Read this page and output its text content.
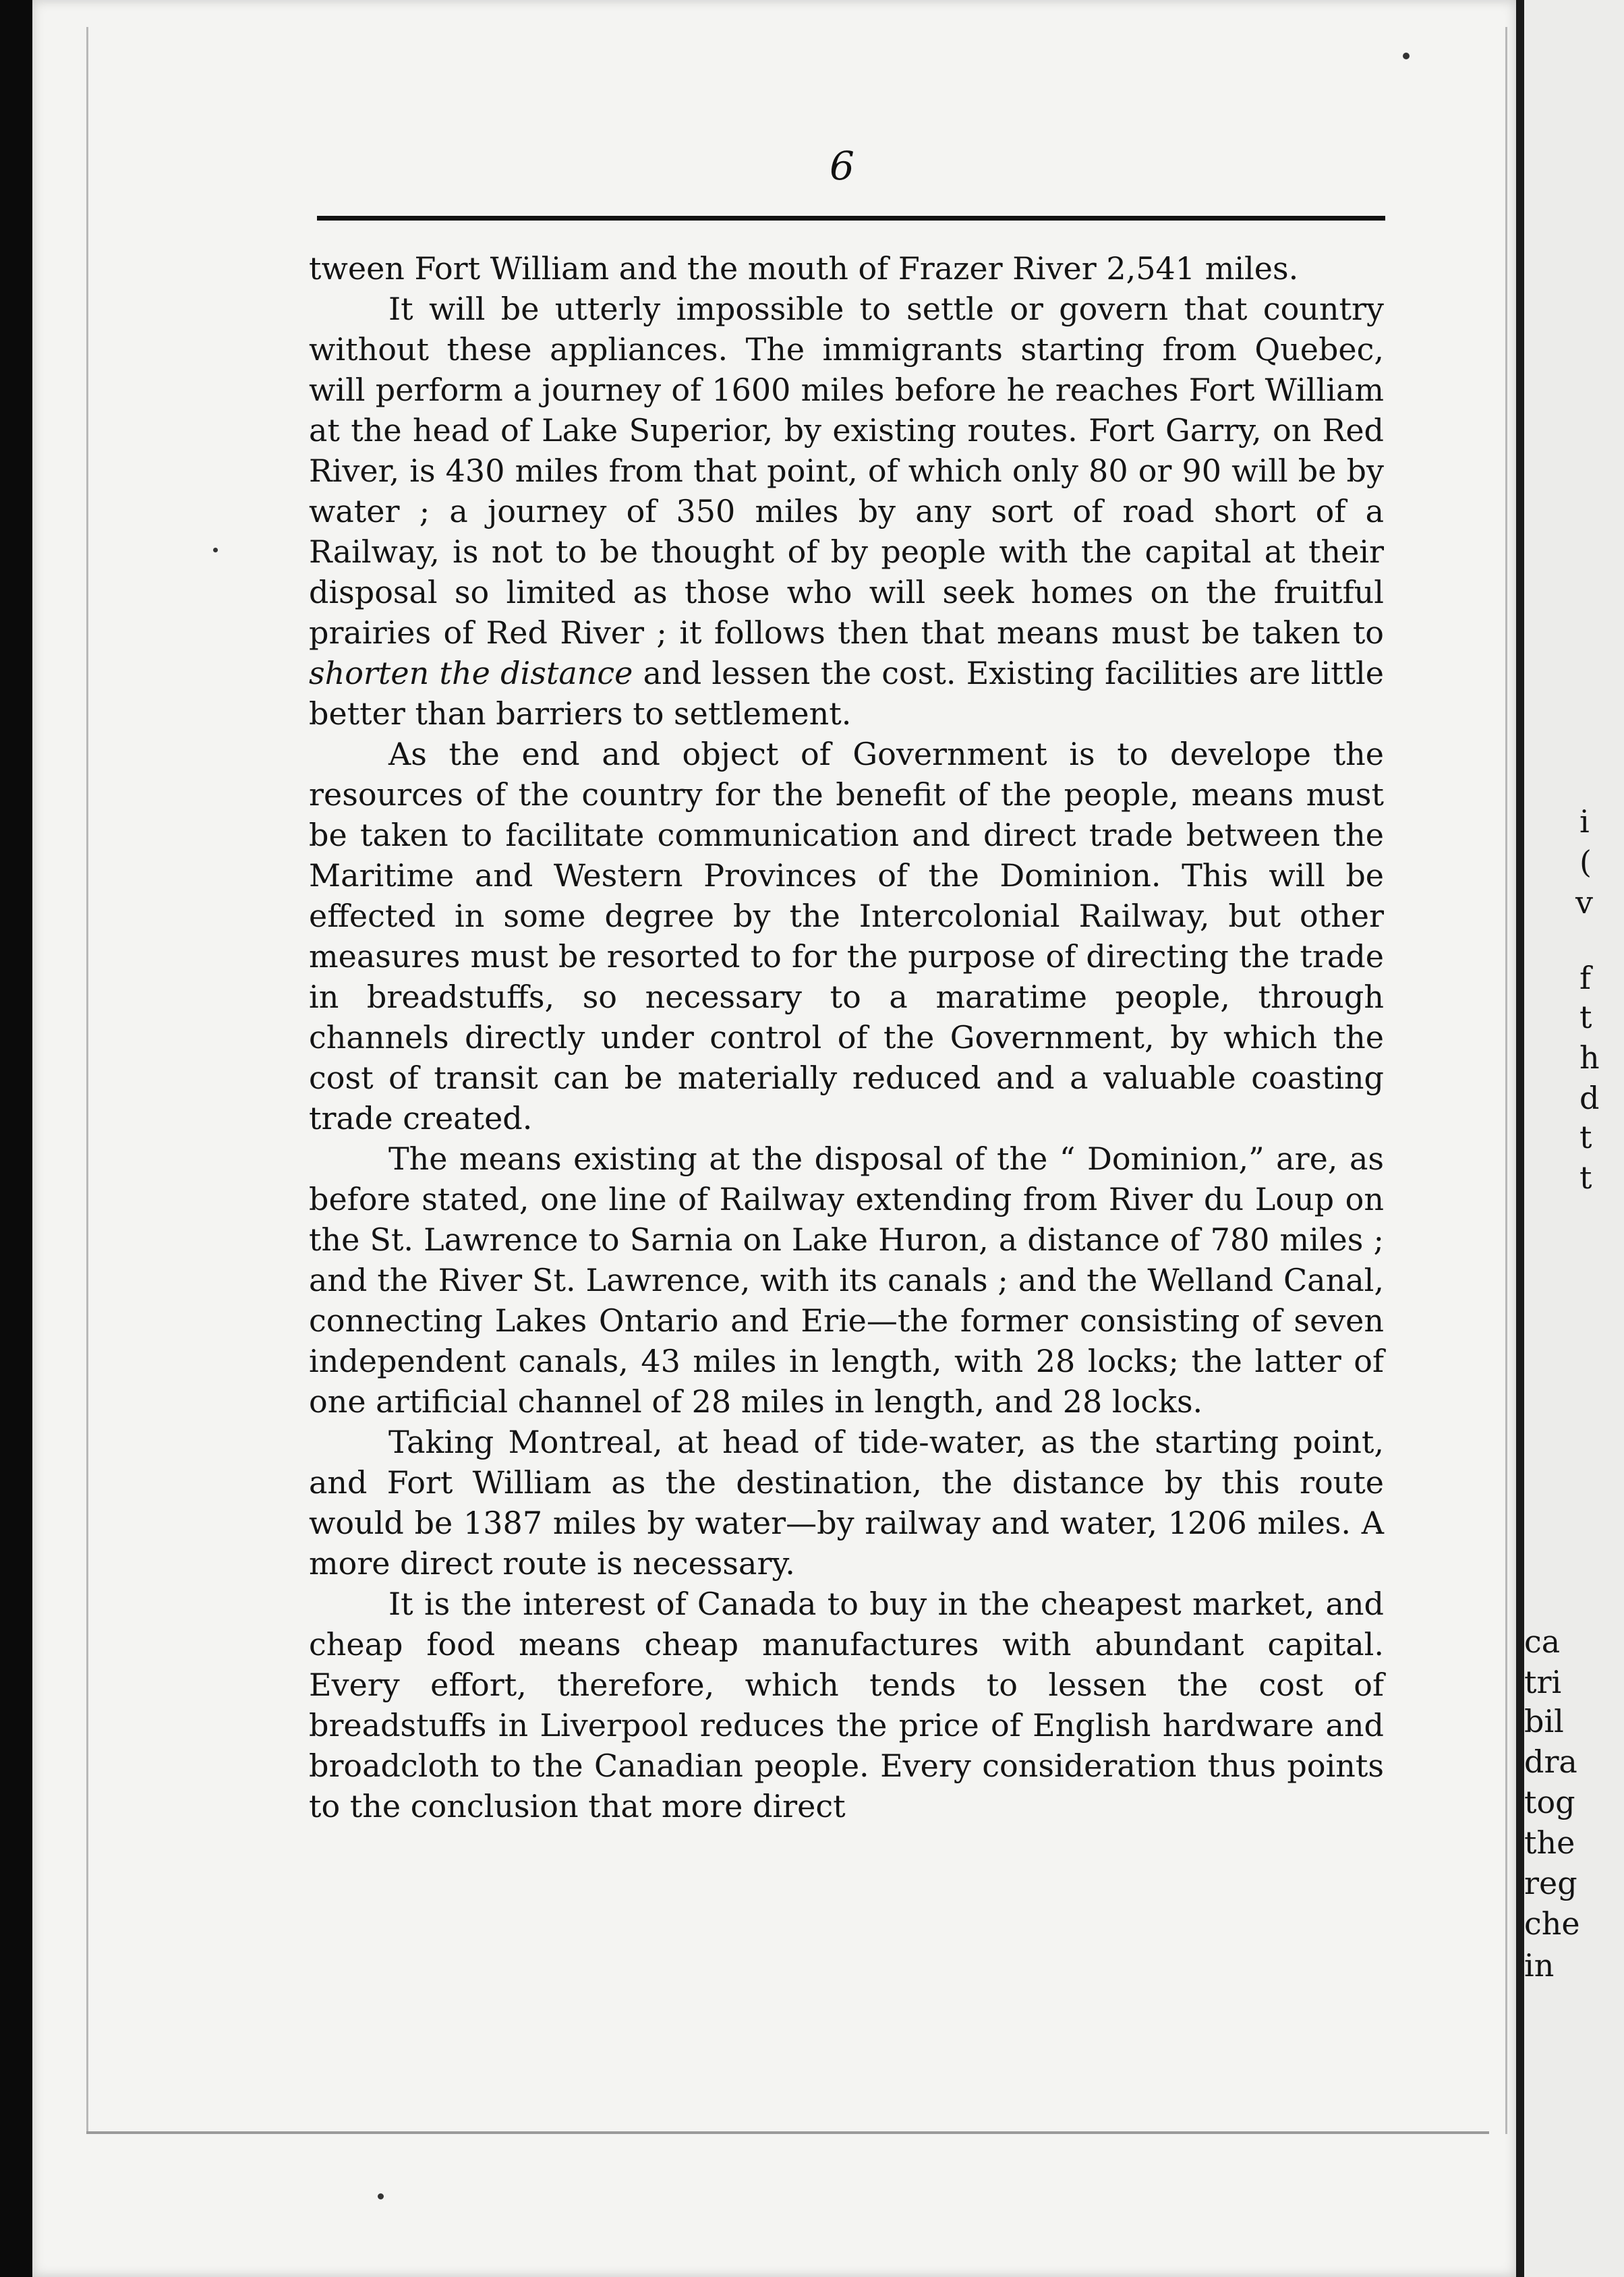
6

tween Fort William and the mouth of Frazer River 2,541 miles.

It will be utterly impossible to settle or govern that country without these appliances. The immigrants starting from Quebec, will perform a journey of 1600 miles before he reaches Fort William at the head of Lake Superior, by existing routes. Fort Garry, on Red River, is 430 miles from that point, of which only 80 or 90 will be by water ; a journey of 350 miles by any sort of road short of a Railway, is not to be thought of by people with the capital at their disposal so limited as those who will seek homes on the fruitful prairies of Red River ; it follows then that means must be taken to shorten the distance and lessen the cost. Existing facilities are little better than barriers to settlement.

As the end and object of Government is to develope the resources of the country for the benefit of the people, means must be taken to facilitate communication and direct trade between the Maritime and Western Provinces of the Dominion. This will be effected in some degree by the Intercolonial Railway, but other measures must be resorted to for the purpose of directing the trade in breadstuffs, so necessary to a maratime people, through channels directly under control of the Government, by which the cost of transit can be materially reduced and a valuable coasting trade created.

The means existing at the disposal of the “ Dominion,” are, as before stated, one line of Railway extending from River du Loup on the St. Lawrence to Sarnia on Lake Huron, a distance of 780 miles ; and the River St. Lawrence, with its canals ; and the Welland Canal, connecting Lakes Ontario and Erie—the former consisting of seven independent canals, 43 miles in length, with 28 locks; the latter of one artificial channel of 28 miles in length, and 28 locks.

Taking Montreal, at head of tide-water, as the starting point, and Fort William as the destination, the distance by this route would be 1387 miles by water—by railway and water, 1206 miles. A more direct route is necessary.

It is the interest of Canada to buy in the cheapest market, and cheap food means cheap manufactures with abundant capital. Every effort, therefore, which tends to lessen the cost of breadstuffs in Liverpool reduces the price of English hardware and broadcloth to the Canadian people. Every consideration thus points to the conclusion that more direct

i
(
v
f
t
h
d
t
t
ca
tri
bil
dra
tog
the
reg
che
in
